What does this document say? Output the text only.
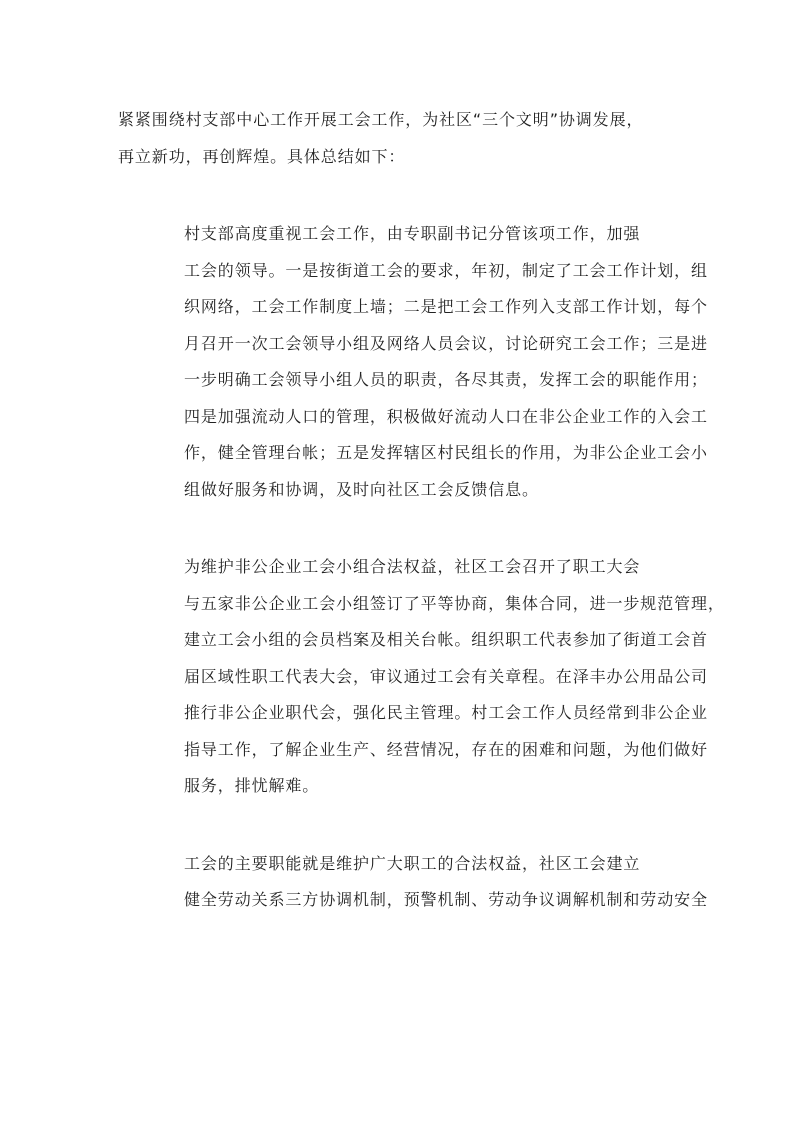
紧紧围绕村支部中心工作开展工会工作，为社区“三个文明”协调发展，
再立新功，再创辉煌。具体总结如下：

村支部高度重视工会工作，由专职副书记分管该项工作，加强
工会的领导。一是按街道工会的要求，年初，制定了工会工作计划，组
织网络，工会工作制度上墙；二是把工会工作列入支部工作计划，每个
月召开一次工会领导小组及网络人员会议，讨论研究工会工作；三是进
一步明确工会领导小组人员的职责，各尽其责，发挥工会的职能作用；
四是加强流动人口的管理，积极做好流动人口在非公企业工作的入会工
作，健全管理台帐；五是发挥辖区村民组长的作用，为非公企业工会小
组做好服务和协调，及时向社区工会反馈信息。

为维护非公企业工会小组合法权益，社区工会召开了职工大会
与五家非公企业工会小组签订了平等协商，集体合同，进一步规范管理，
建立工会小组的会员档案及相关台帐。组织职工代表参加了街道工会首
届区域性职工代表大会，审议通过工会有关章程。在泽丰办公用品公司
推行非公企业职代会，强化民主管理。村工会工作人员经常到非公企业
指导工作，了解企业生产、经营情况，存在的困难和问题，为他们做好
服务，排忧解难。

工会的主要职能就是维护广大职工的合法权益，社区工会建立
健全劳动关系三方协调机制，预警机制、劳动争议调解机制和劳动安全
